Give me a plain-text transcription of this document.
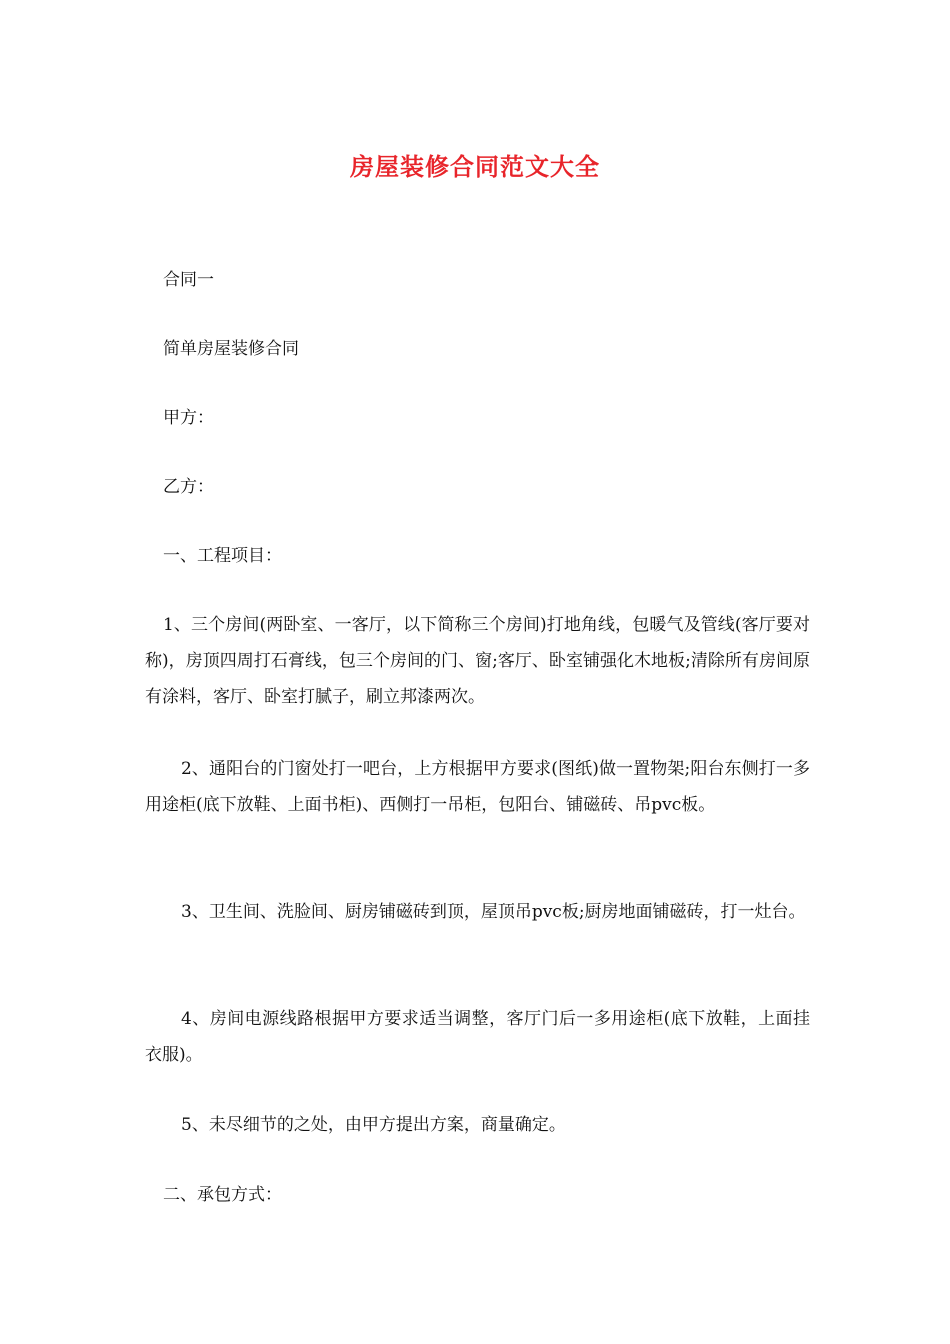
房屋装修合同范文大全
合同一
简单房屋装修合同
甲方：
乙方：
一、工程项目：
1、三个房间(两卧室、一客厅，以下简称三个房间)打地角线，包暖气及管线(客厅要对称)，房顶四周打石膏线，包三个房间的门、窗;客厅、卧室铺强化木地板;清除所有房间原有涂料，客厅、卧室打腻子，刷立邦漆两次。
2、通阳台的门窗处打一吧台，上方根据甲方要求(图纸)做一置物架;阳台东侧打一多用途柜(底下放鞋、上面书柜)、西侧打一吊柜，包阳台、铺磁砖、吊pvc板。
3、卫生间、洗脸间、厨房铺磁砖到顶，屋顶吊pvc板;厨房地面铺磁砖，打一灶台。
4、房间电源线路根据甲方要求适当调整，客厅门后一多用途柜(底下放鞋，上面挂衣服)。
5、未尽细节的之处，由甲方提出方案，商量确定。
二、承包方式：
